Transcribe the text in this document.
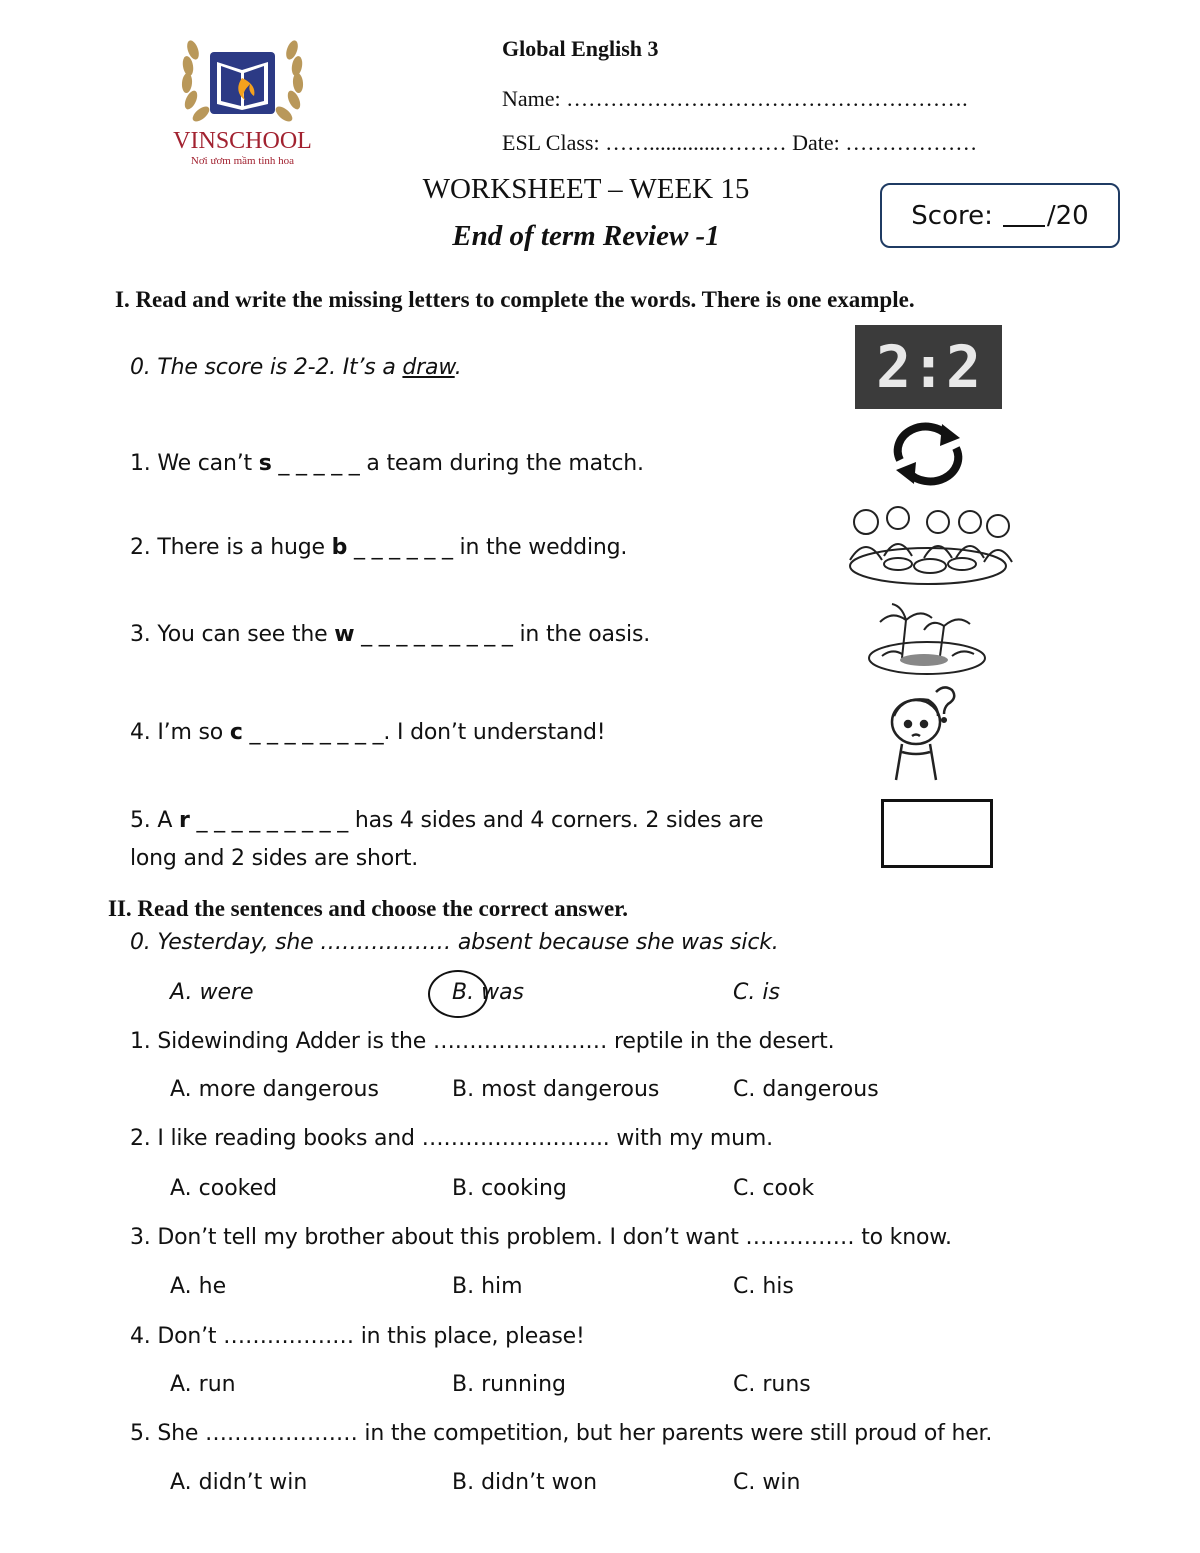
VINSCHOOL
Nơi ươm mầm tinh hoa
Global English 3
Name: ……………………………………………….
ESL Class: …….............……… Date: ………………
WORKSHEET – WEEK 15
End of term Review -1
Score: /20
I. Read and write the missing letters to complete the words. There is one example.
0. The score is 2-2. It’s a draw.	2:2
1. We can’t s _ _ _ _ _ a team during the match.
2. There is a huge b _ _ _ _ _ _ in the wedding.
3. You can see the w _ _ _ _ _ _ _ _ _ in the oasis.
4. I’m so c _ _ _ _ _ _ _ _. I don’t understand!
5. A r _ _ _ _ _ _ _ _ _ has 4 sides and 4 corners. 2 sides are
long and 2 sides are short.
II. Read the sentences and choose the correct answer.
0. Yesterday, she ……………… absent because she was sick.
A. were	B. was	C. is
1. Sidewinding Adder is the …………………… reptile in the desert.
A. more dangerous	B. most dangerous	C. dangerous
2. I like reading books and …………………….. with my mum.
A. cooked	B. cooking	C. cook
3. Don’t tell my brother about this problem. I don’t want …………… to know.
A. he	B. him	C. his
4. Don’t ……………… in this place, please!
A. run	B. running	C. runs
5. She ………………… in the competition, but her parents were still proud of her.
A. didn’t win	B. didn’t won	C. win
